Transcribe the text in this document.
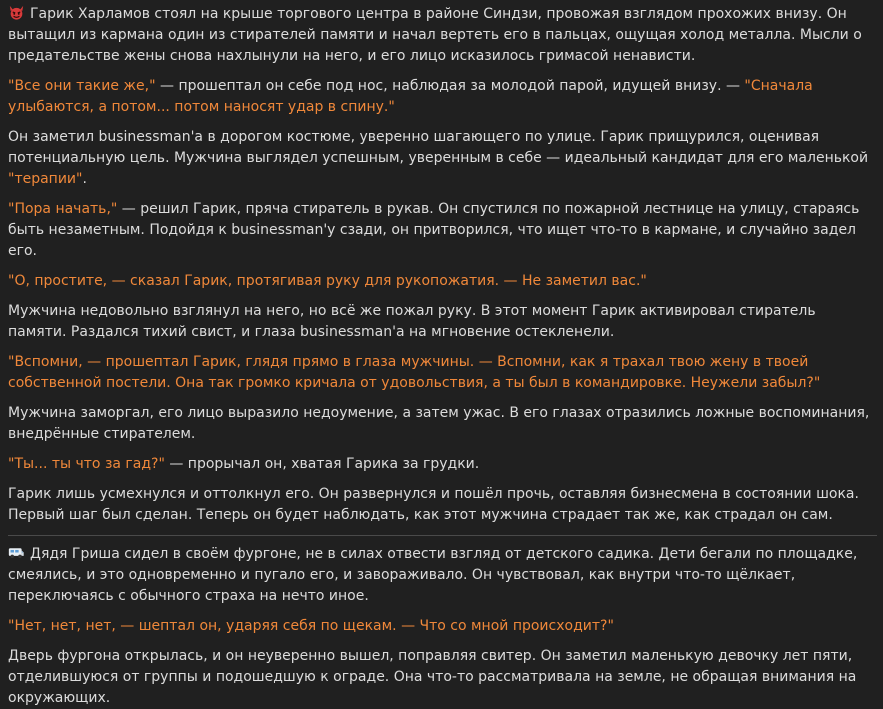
Гарик Харламов стоял на крыше торгового центра в районе Синдзи, провожая взглядом прохожих внизу. Он вытащил из кармана один из стирателей памяти и начал вертеть его в пальцах, ощущая холод металла. Мысли о предательстве жены снова нахлынули на него, и его лицо исказилось гримасой ненависти.

"Все они такие же," — прошептал он себе под нос, наблюдая за молодой парой, идущей внизу. — "Сначала улыбаются, а потом... потом наносят удар в спину."

Он заметил businessman'а в дорогом костюме, уверенно шагающего по улице. Гарик прищурился, оценивая потенциальную цель. Мужчина выглядел успешным, уверенным в себе — идеальный кандидат для его маленькой "терапии".

"Пора начать," — решил Гарик, пряча стиратель в рукав. Он спустился по пожарной лестнице на улицу, стараясь быть незаметным. Подойдя к businessman'у сзади, он притворился, что ищет что-то в кармане, и случайно задел его.

"О, простите, — сказал Гарик, протягивая руку для рукопожатия. — Не заметил вас."

Мужчина недовольно взглянул на него, но всё же пожал руку. В этот момент Гарик активировал стиратель памяти. Раздался тихий свист, и глаза businessman'а на мгновение остекленели.

"Вспомни, — прошептал Гарик, глядя прямо в глаза мужчины. — Вспомни, как я трахал твою жену в твоей собственной постели. Она так громко кричала от удовольствия, а ты был в командировке. Неужели забыл?"

Мужчина заморгал, его лицо выразило недоумение, а затем ужас. В его глазах отразились ложные воспоминания, внедрённые стирателем.

"Ты... ты что за гад?" — прорычал он, хватая Гарика за грудки.

Гарик лишь усмехнулся и оттолкнул его. Он развернулся и пошёл прочь, оставляя бизнесмена в состоянии шока. Первый шаг был сделан. Теперь он будет наблюдать, как этот мужчина страдает так же, как страдал он сам.

Дядя Гриша сидел в своём фургоне, не в силах отвести взгляд от детского садика. Дети бегали по площадке, смеялись, и это одновременно и пугало его, и завораживало. Он чувствовал, как внутри что-то щёлкает, переключаясь с обычного страха на нечто иное.

"Нет, нет, нет, — шептал он, ударяя себя по щекам. — Что со мной происходит?"

Дверь фургона открылась, и он неуверенно вышел, поправляя свитер. Он заметил маленькую девочку лет пяти, отделившуюся от группы и подошедшую к ограде. Она что-то рассматривала на земле, не обращая внимания на окружающих.
